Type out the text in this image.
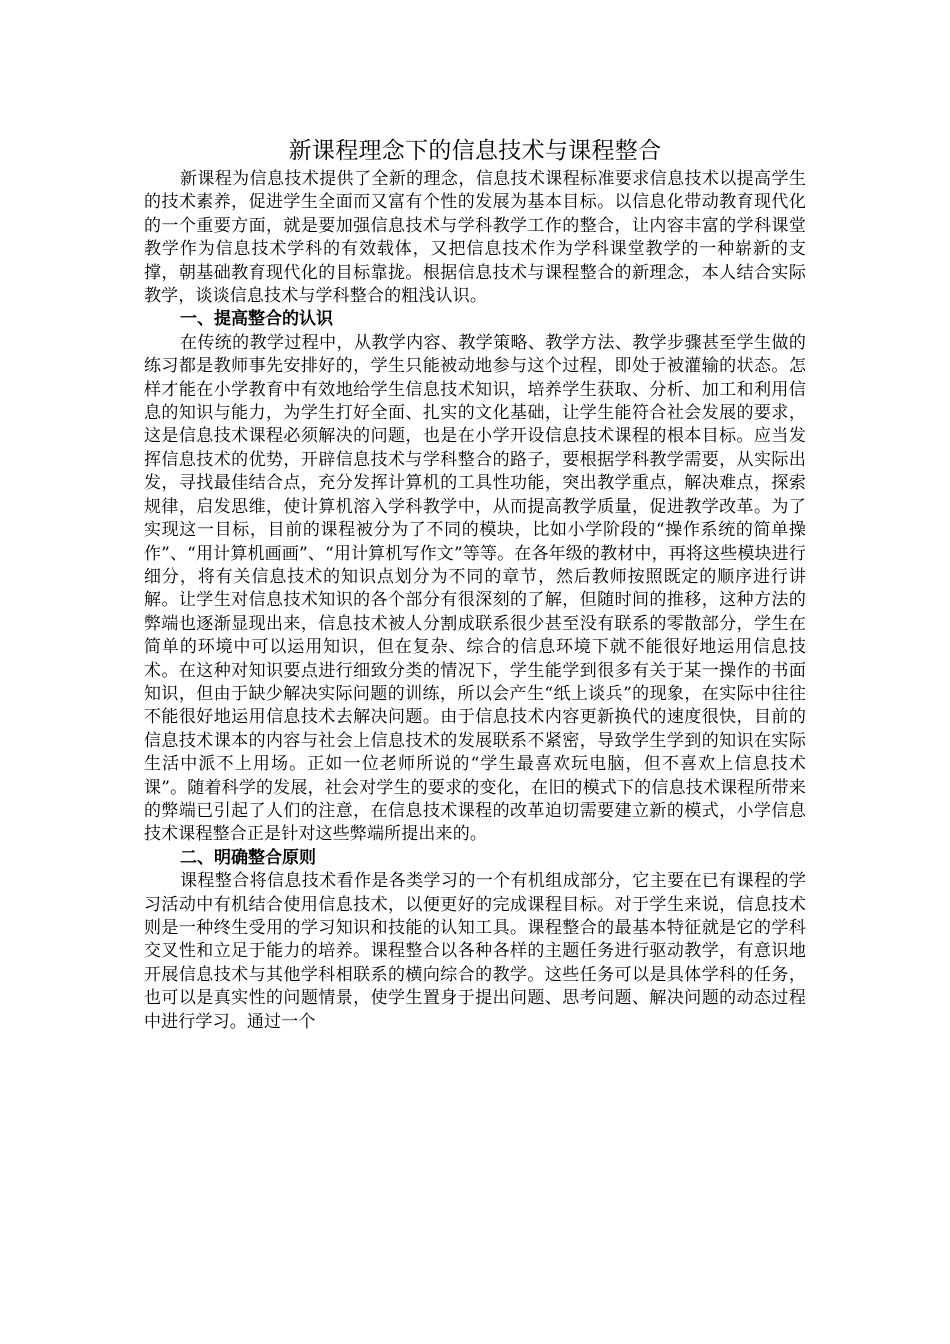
新课程理念下的信息技术与课程整合

新课程为信息技术提供了全新的理念，信息技术课程标准要求信息技术以提高学生的技术素养，促进学生全面而又富有个性的发展为基本目标。以信息化带动教育现代化的一个重要方面，就是要加强信息技术与学科教学工作的整合，让内容丰富的学科课堂教学作为信息技术学科的有效载体，又把信息技术作为学科课堂教学的一种崭新的支撑，朝基础教育现代化的目标靠拢。根据信息技术与课程整合的新理念，本人结合实际教学，谈谈信息技术与学科整合的粗浅认识。

一、提高整合的认识

在传统的教学过程中，从教学内容、教学策略、教学方法、教学步骤甚至学生做的练习都是教师事先安排好的，学生只能被动地参与这个过程，即处于被灌输的状态。怎样才能在小学教育中有效地给学生信息技术知识，培养学生获取、分析、加工和利用信息的知识与能力，为学生打好全面、扎实的文化基础，让学生能符合社会发展的要求，这是信息技术课程必须解决的问题，也是在小学开设信息技术课程的根本目标。应当发挥信息技术的优势，开辟信息技术与学科整合的路子，要根据学科教学需要，从实际出发，寻找最佳结合点，充分发挥计算机的工具性功能，突出教学重点，解决难点，探索规律，启发思维，使计算机溶入学科教学中，从而提高教学质量，促进教学改革。为了实现这一目标，目前的课程被分为了不同的模块，比如小学阶段的“操作系统的简单操作”、“用计算机画画”、“用计算机写作文”等等。在各年级的教材中，再将这些模块进行细分，将有关信息技术的知识点划分为不同的章节，然后教师按照既定的顺序进行讲解。让学生对信息技术知识的各个部分有很深刻的了解，但随时间的推移，这种方法的弊端也逐渐显现出来，信息技术被人分割成联系很少甚至没有联系的零散部分，学生在简单的环境中可以运用知识，但在复杂、综合的信息环境下就不能很好地运用信息技术。在这种对知识要点进行细致分类的情况下，学生能学到很多有关于某一操作的书面知识，但由于缺少解决实际问题的训练，所以会产生“纸上谈兵”的现象，在实际中往往不能很好地运用信息技术去解决问题。由于信息技术内容更新换代的速度很快，目前的信息技术课本的内容与社会上信息技术的发展联系不紧密，导致学生学到的知识在实际生活中派不上用场。正如一位老师所说的“学生最喜欢玩电脑，但不喜欢上信息技术课”。随着科学的发展，社会对学生的要求的变化，在旧的模式下的信息技术课程所带来的弊端已引起了人们的注意，在信息技术课程的改革迫切需要建立新的模式，小学信息技术课程整合正是针对这些弊端所提出来的。

二、明确整合原则

课程整合将信息技术看作是各类学习的一个有机组成部分，它主要在已有课程的学习活动中有机结合使用信息技术，以便更好的完成课程目标。对于学生来说，信息技术则是一种终生受用的学习知识和技能的认知工具。课程整合的最基本特征就是它的学科交叉性和立足于能力的培养。课程整合以各种各样的主题任务进行驱动教学，有意识地开展信息技术与其他学科相联系的横向综合的教学。这些任务可以是具体学科的任务，也可以是真实性的问题情景，使学生置身于提出问题、思考问题、解决问题的动态过程中进行学习。通过一个
